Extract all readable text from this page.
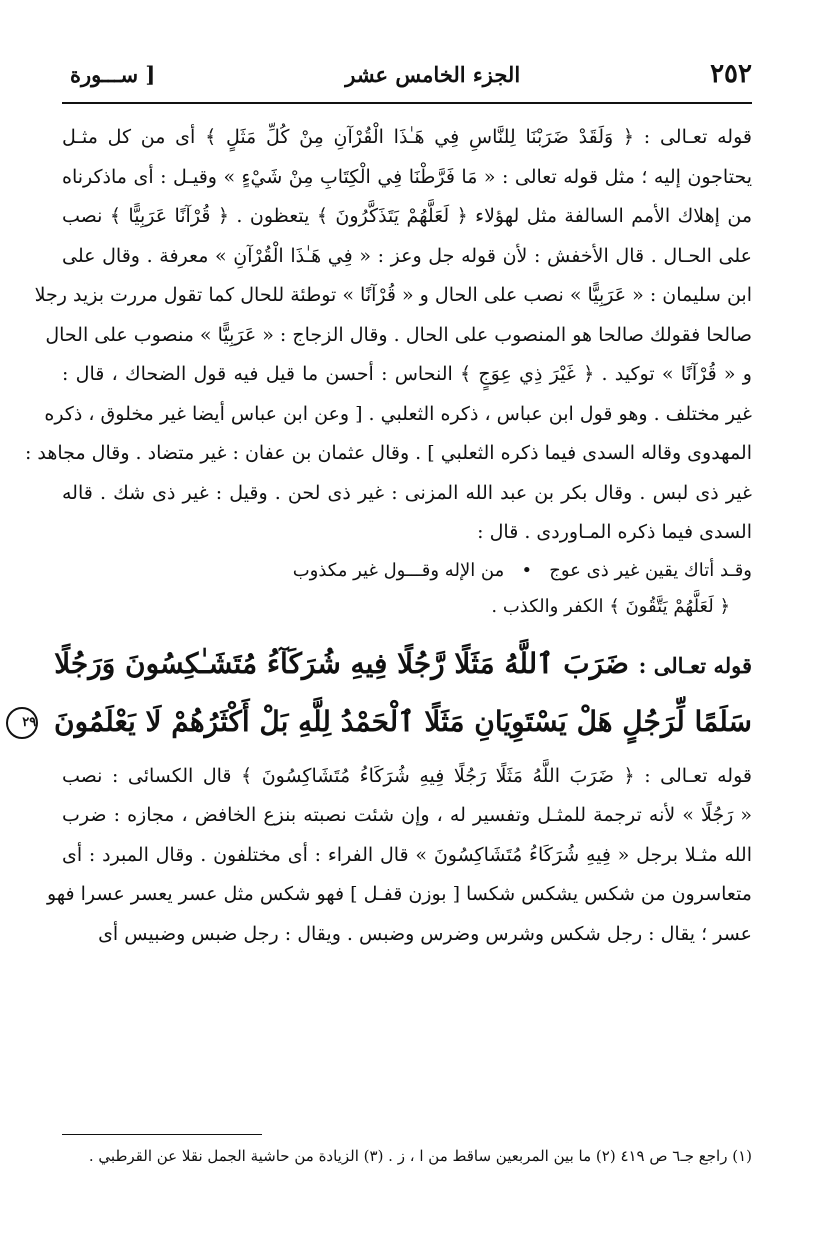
٢٥٢
الجزء الخامس عشر
[ ســـورة
قوله تعـالى : ﴿ وَلَقَدْ ضَرَبْنَا لِلنَّاسِ فِي هَـٰذَا الْقُرْآنِ مِنْ كُلِّ مَثَلٍ ﴾ أى من كل مثـل
يحتاجون إليه ؛ مثل قوله تعالى : « مَا فَرَّطْنَا فِي الْكِتَابِ مِنْ شَيْءٍ » وقيـل : أى ماذكرناه
من إهلاك الأمم السالفة مثل لهؤلاء ﴿ لَعَلَّهُمْ يَتَذَكَّرُونَ ﴾ يتعظون . ﴿ قُرْآنًا عَرَبِيًّا ﴾ نصب
على الحـال . قال الأخفش : لأن قوله جل وعز : « فِي هَـٰذَا الْقُرْآنِ » معرفة . وقال على
ابن سليمان : « عَرَبِيًّا » نصب على الحال و « قُرْآنًا » توطئة للحال كما تقول مررت بزيد رجلا
صالحا فقولك صالحا هو المنصوب على الحال . وقال الزجاج : « عَرَبِيًّا » منصوب على الحال
و « قُرْآنًا » توكيد . ﴿ غَيْرَ ذِي عِوَجٍ ﴾ النحاس : أحسن ما قيل فيه قول الضحاك ، قال :
غير مختلف . وهو قول ابن عباس ، ذكره الثعلبي . [ وعن ابن عباس أيضا غير مخلوق ، ذكره
المهدوى وقاله السدى فيما ذكره الثعلبي ] . وقال عثمان بن عفان : غير متضاد . وقال مجاهد :
غير ذى لبس . وقال بكر بن عبد الله المزنى : غير ذى لحن . وقيل : غير ذى شك . قاله
السدى فيما ذكره المـاوردى . قال :
وقـد أتاك يقين غير ذى عوج   •   من الإله وقـــول غير مكذوب
﴿ لَعَلَّهُمْ يَتَّقُونَ ﴾ الكفر والكذب .
قوله تعـالى : ضَرَبَ ٱللَّهُ مَثَلًا رَّجُلًا فِيهِ شُرَكَآءُ مُتَشَـٰكِسُونَ وَرَجُلًا
سَلَمًا لِّرَجُلٍ هَلْ يَسْتَوِيَانِ مَثَلًا ٱلْحَمْدُ لِلَّهِ بَلْ أَكْثَرُهُمْ لَا يَعْلَمُونَ ٢٩
قوله تعـالى : ﴿ ضَرَبَ اللَّهُ مَثَلًا رَجُلًا فِيهِ شُرَكَاءُ مُتَشَاكِسُونَ ﴾ قال الكسائى : نصب
« رَجُلًا » لأنه ترجمة للمثـل وتفسير له ، وإن شئت نصبته بنزع الخافض ، مجازه : ضرب
الله مثـلا برجل « فِيهِ شُرَكَاءُ مُتَشَاكِسُونَ » قال الفراء : أى مختلفون . وقال المبرد : أى
متعاسرون من شكس يشكس شكسا [ بوزن قفـل ] فهو شكس مثل عسر يعسر عسرا فهو
عسر ؛ يقال : رجل شكس وشرس وضرس وضبس . ويقال : رجل ضبس وضبيس أى
(١) راجع جـ٦ ص ٤١٩ (٢) ما بين المربعين ساقط من ا ، ز . (٣) الزيادة من حاشية الجمل نقلا عن القرطبي .
